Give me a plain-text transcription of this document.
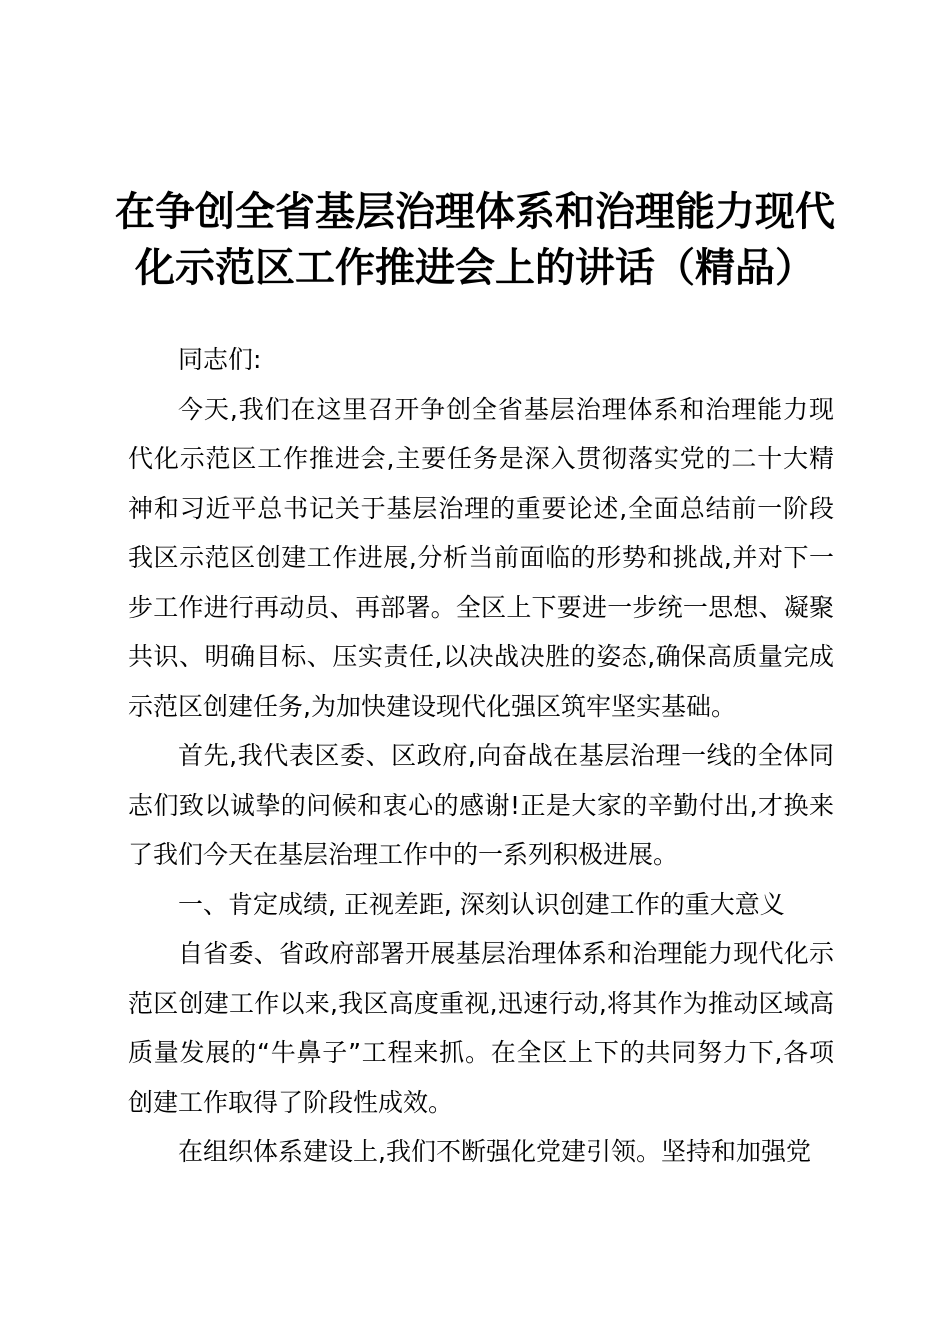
在争创全省基层治理体系和治理能力现代化示范区工作推进会上的讲话（精品）

同志们:

今天,我们在这里召开争创全省基层治理体系和治理能力现代化示范区工作推进会,主要任务是深入贯彻落实党的二十大精神和习近平总书记关于基层治理的重要论述,全面总结前一阶段我区示范区创建工作进展,分析当前面临的形势和挑战,并对下一步工作进行再动员、再部署。全区上下要进一步统一思想、凝聚共识、明确目标、压实责任,以决战决胜的姿态,确保高质量完成示范区创建任务,为加快建设现代化强区筑牢坚实基础。

首先,我代表区委、区政府,向奋战在基层治理一线的全体同志们致以诚挚的问候和衷心的感谢!正是大家的辛勤付出,才换来了我们今天在基层治理工作中的一系列积极进展。

一、肯定成绩, 正视差距, 深刻认识创建工作的重大意义

自省委、省政府部署开展基层治理体系和治理能力现代化示范区创建工作以来,我区高度重视,迅速行动,将其作为推动区域高质量发展的“牛鼻子”工程来抓。在全区上下的共同努力下,各项创建工作取得了阶段性成效。

在组织体系建设上,我们不断强化党建引领。坚持和加强党
